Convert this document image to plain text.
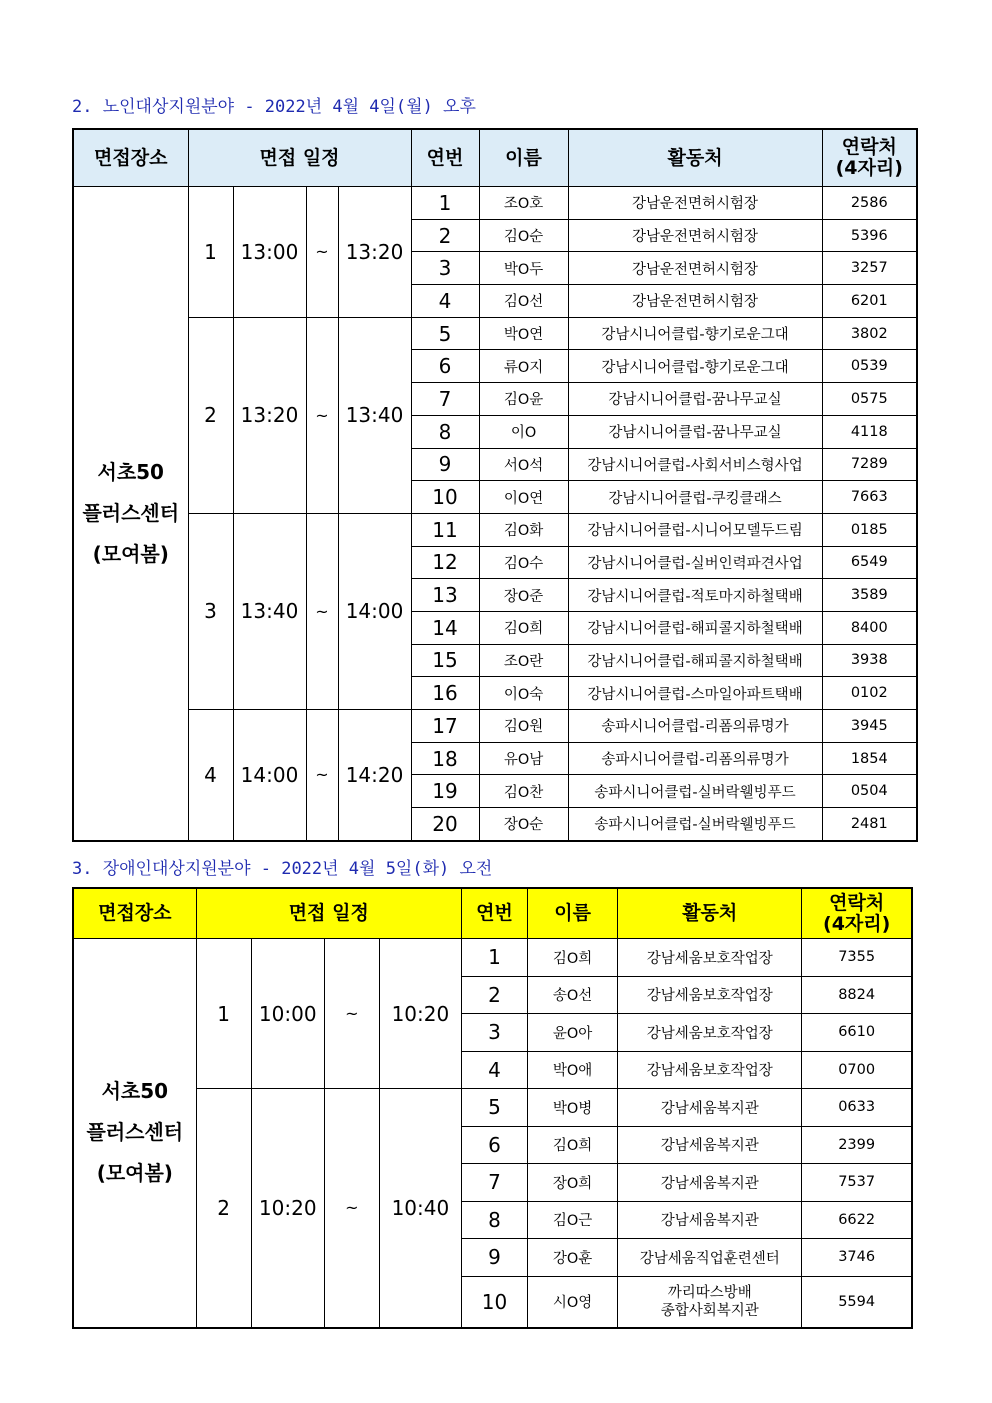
2. 노인대상지원분야 - 2022년 4월 4일(월) 오후
면접장소	면접 일정				연번	이름	활동처	연락처
(4자리)
서초50
플러스센터
(모여봄)	1	13:00	~	13:20	1	조O호	강남운전면허시험장	2586
					2	김O순	강남운전면허시험장	5396
					3	박O두	강남운전면허시험장	3257
					4	김O선	강남운전면허시험장	6201
	2	13:20	~	13:40	5	박O연	강남시니어클럽-향기로운그대	3802
					6	류O지	강남시니어클럽-향기로운그대	0539
					7	김O윤	강남시니어클럽-꿈나무교실	0575
					8	이O	강남시니어클럽-꿈나무교실	4118
					9	서O석	강남시니어클럽-사회서비스형사업	7289
					10	이O연	강남시니어클럽-쿠킹클래스	7663
	3	13:40	~	14:00	11	김O화	강남시니어클럽-시니어모델두드림	0185
					12	김O수	강남시니어클럽-실버인력파견사업	6549
					13	장O준	강남시니어클럽-적토마지하철택배	3589
					14	김O희	강남시니어클럽-해피콜지하철택배	8400
					15	조O란	강남시니어클럽-해피콜지하철택배	3938
					16	이O숙	강남시니어클럽-스마일아파트택배	0102
	4	14:00	~	14:20	17	김O원	송파시니어클럽-리폼의류명가	3945
					18	유O남	송파시니어클럽-리폼의류명가	1854
					19	김O찬	송파시니어클럽-실버락웰빙푸드	0504
					20	장O순	송파시니어클럽-실버락웰빙푸드	2481
3. 장애인대상지원분야 - 2022년 4월 5일(화) 오전
면접장소	면접 일정				연번	이름	활동처	연락처
(4자리)
서초50
플러스센터
(모여봄)	1	10:00	~	10:20	1	김O희	강남세움보호작업장	7355
					2	송O선	강남세움보호작업장	8824
					3	윤O아	강남세움보호작업장	6610
					4	박O애	강남세움보호작업장	0700
	2	10:20	~	10:40	5	박O병	강남세움복지관	0633
					6	김O희	강남세움복지관	2399
					7	장O희	강남세움복지관	7537
					8	김O근	강남세움복지관	6622
					9	강O훈	강남세움직업훈련센터	3746
					10	시O영	까리따스방배
종합사회복지관	5594
